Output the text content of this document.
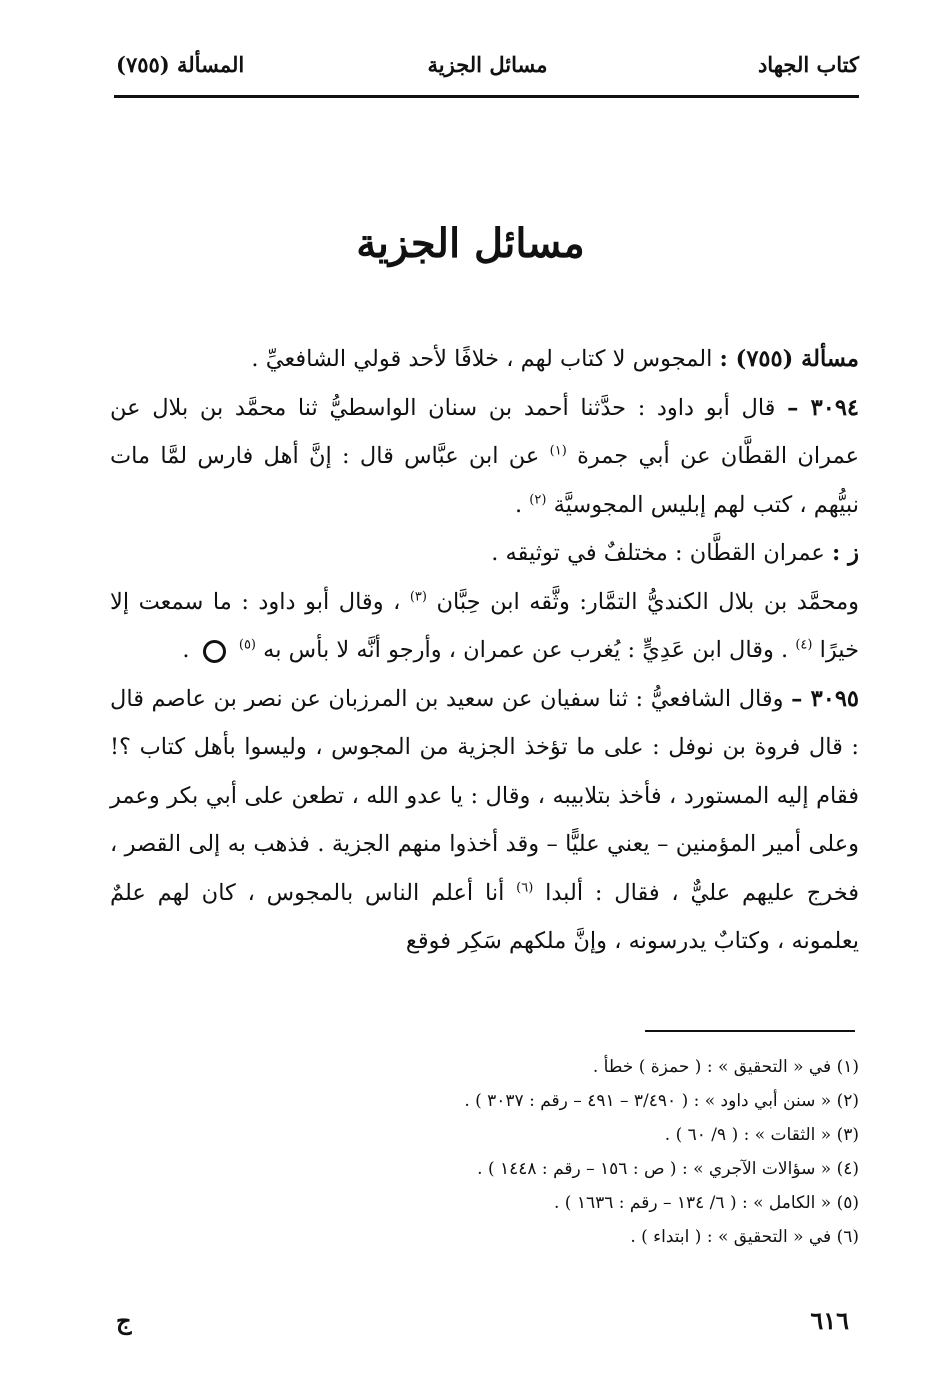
كتاب الجهاد
مسائل الجزية
المسألة (٧٥٥)
مسائل الجزية

مسألة (٧٥٥) : المجوس لا كتاب لهم ، خلافًا لأحد قولي الشافعيِّ .

٣٠٩٤ – قال أبو داود : حدَّثنا أحمد بن سنان الواسطيُّ ثنا محمَّد بن بلال عن عمران القطَّان عن أبي جمرة $^{(١)}$ عن ابن عبَّاس قال : إنَّ أهل فارس لمَّا مات نبيُّهم ، كتب لهم إبليس المجوسيَّة $^{(٢)}$ .

ز : عمران القطَّان : مختلفٌ في توثيقه .

ومحمَّد بن بلال الكنديُّ التمَّار: وثَّقه ابن حِبَّان $^{(٣)}$ ، وقال أبو داود : ما سمعت إلا خيرًا $^{(٤)}$ . وقال ابن عَدِيٍّ : يُغرب عن عمران ، وأرجو أنَّه لا بأس به $^{(٥)}$  .

٣٠٩٥ – وقال الشافعيُّ : ثنا سفيان عن سعيد بن المرزبان عن نصر بن عاصم قال : قال فروة بن نوفل : على ما تؤخذ الجزية من المجوس ، وليسوا بأهل كتاب ؟! فقام إليه المستورد ، فأخذ بتلابيبه ، وقال : يا عدو الله ، تطعن على أبي بكر وعمر وعلى أمير المؤمنين – يعني عليًّا – وقد أخذوا منهم الجزية . فذهب به إلى القصر ، فخرج عليهم عليٌّ ، فقال : ألبدا $^{(٦)}$ أنا أعلم الناس بالمجوس ، كان لهم علمٌ يعلمونه ، وكتابٌ يدرسونه ، وإنَّ ملكهم سَكِر فوقع

(١) في « التحقيق » : ( حمزة ) خطأ .
(٢) « سنن أبي داود » : ( ٣/٤٩٠ – ٤٩١ – رقم : ٣٠٣٧ ) .
(٣) « الثقات » : ( ٩/ ٦٠ ) .
(٤) « سؤالات الآجري » : ( ص : ١٥٦ – رقم : ١٤٤٨ ) .
(٥) « الكامل » : ( ٦/ ١٣٤ – رقم : ١٦٣٦ ) .
(٦) في « التحقيق » : ( ابتداء ) .
٦١٦
ج
